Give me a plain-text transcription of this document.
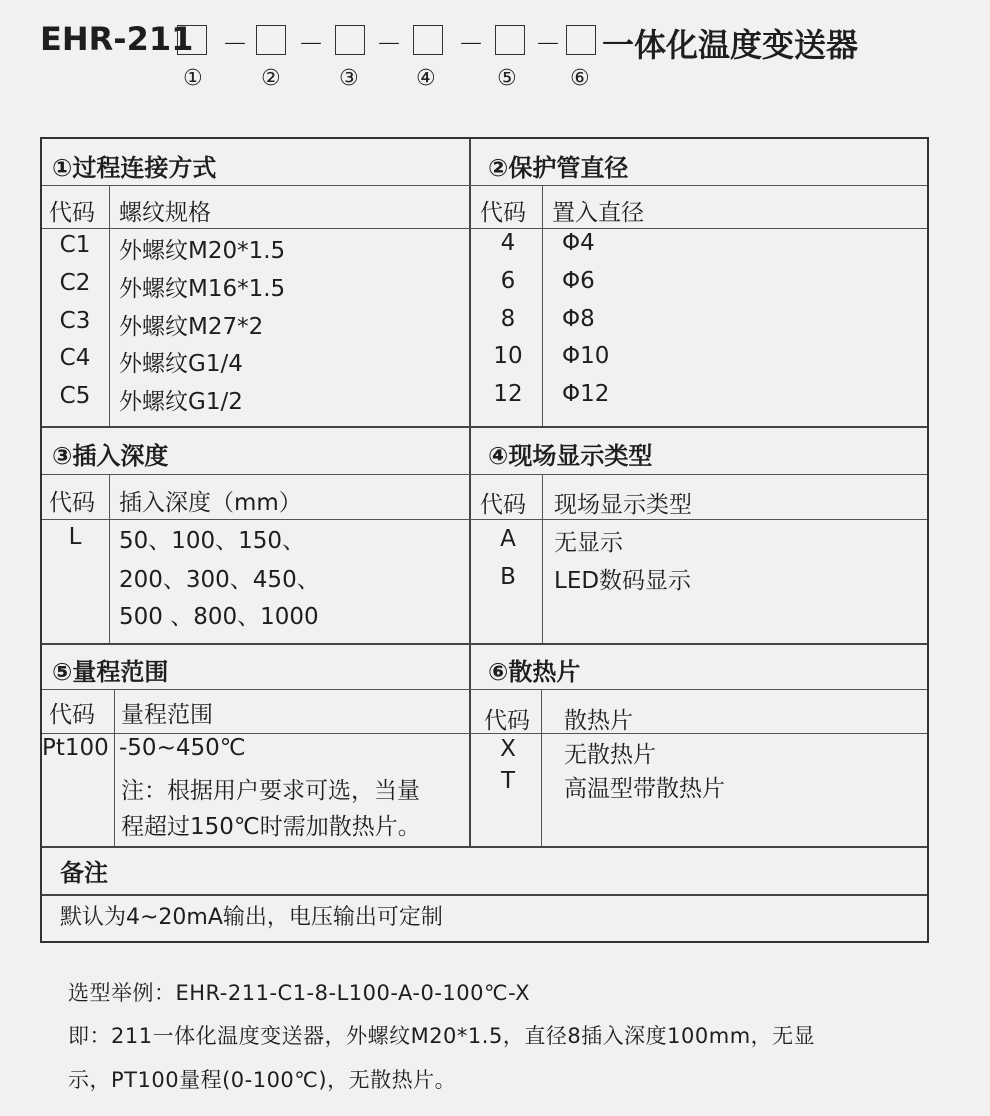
EHR-211 － － － － － 一体化温度变送器
①	②	③	④	⑤ ⑥
①过程连接方式
代码 螺纹规格
C1	外螺纹M20*1.5
C2	外螺纹M16*1.5
C3	外螺纹M27*2
C4	外螺纹G1/4
C5	外螺纹G1/2
②保护管直径
代码 置入直径
4	Φ4
6	Φ6
8	Φ8
10	Φ10
12	Φ12
③插入深度
代码 插入深度（mm）
L	50、100、150、
200、300、450、
500 、800、1000
④现场显示类型
代码 现场显示类型
A	无显示
B	LED数码显示
⑤量程范围
代码 量程范围
Pt100 -50~450℃
注：根据用户要求可选，当量
程超过150℃时需加散热片。
⑥散热片
代码 散热片
X	无散热片
T	高温型带散热片
备注
默认为4~20mA输出，电压输出可定制
选型举例：EHR-211-C1-8-L100-A-0-100℃-X
即：211一体化温度变送器，外螺纹M20*1.5，直径8插入深度100mm，无显
示，PT100量程(0-100℃)，无散热片。
